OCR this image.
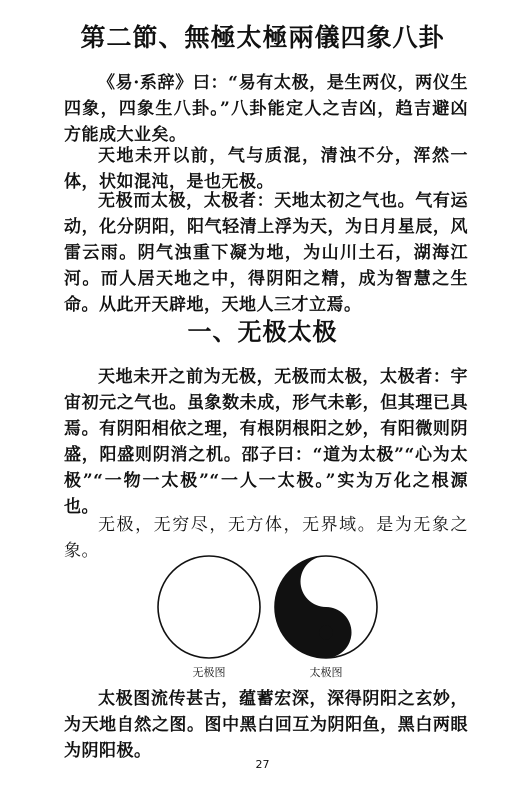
第二節、無極太極兩儀四象八卦

《易·系辞》曰：“易有太极，是生两仪，两仪生四象，四象生八卦。”八卦能定人之吉凶，趋吉避凶方能成大业矣。

天地未开以前，气与质混，清浊不分，浑然一体，状如混沌，是也无极。

无极而太极，太极者：天地太初之气也。气有运动，化分阴阳，阳气轻清上浮为天，为日月星辰，风雷云雨。阴气浊重下凝为地，为山川土石，湖海江河。而人居天地之中，得阴阳之精，成为智慧之生命。从此开天辟地，天地人三才立焉。

一、无极太极

天地未开之前为无极，无极而太极，太极者：宇宙初元之气也。虽象数未成，形气未彰，但其理已具焉。有阴阳相依之理，有根阴根阳之妙，有阳微则阴盛，阳盛则阴消之机。邵子曰：“道为太极”“心为太极”“一物一太极”“一人一太极。”实为万化之根源也。

无极，无穷尽，无方体，无界域。是为无象之象。

无极图	太极图

太极图流传甚古，蕴蓄宏深，深得阴阳之玄妙，为天地自然之图。图中黑白回互为阴阳鱼，黑白两眼为阴阳极。

27
